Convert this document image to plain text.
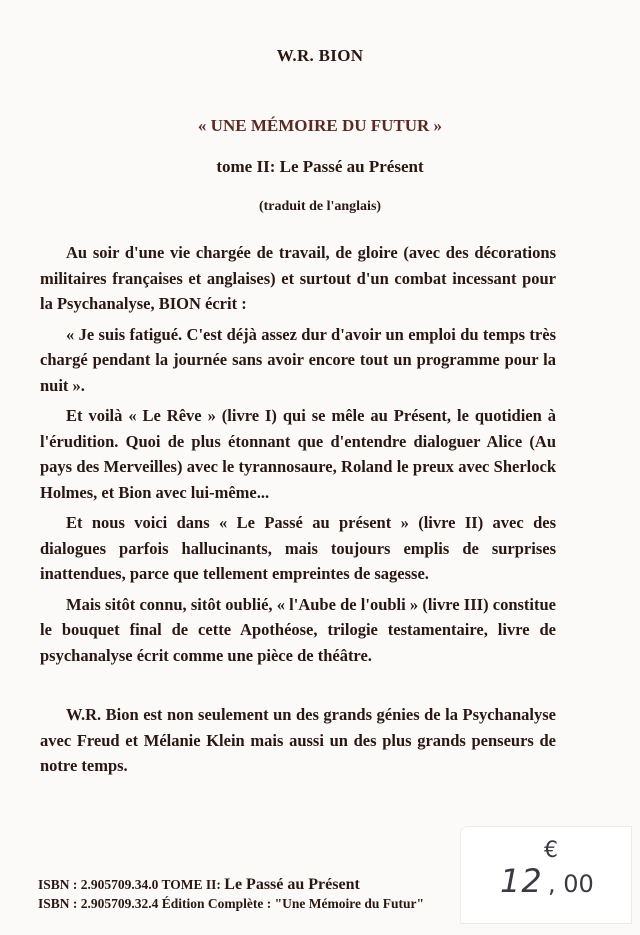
W.R. BION
« UNE MÉMOIRE DU FUTUR »
tome II: Le Passé au Présent
(traduit de l'anglais)

Au soir d'une vie chargée de travail, de gloire (avec des décorations militaires françaises et anglaises) et surtout d'un combat incessant pour la Psychanalyse, BION écrit :

« Je suis fatigué. C'est déjà assez dur d'avoir un emploi du temps très chargé pendant la journée sans avoir encore tout un programme pour la nuit ».

Et voilà « Le Rêve » (livre I) qui se mêle au Présent, le quotidien à l'érudition. Quoi de plus étonnant que d'entendre dialoguer Alice (Au pays des Merveilles) avec le tyrannosaure, Roland le preux avec Sherlock Holmes, et Bion avec lui-même...

Et nous voici dans « Le Passé au présent » (livre II) avec des dialogues parfois hallucinants, mais toujours emplis de surprises inattendues, parce que tellement empreintes de sagesse.

Mais sitôt connu, sitôt oublié, « l'Aube de l'oubli » (livre III) constitue le bouquet final de cette Apothéose, trilogie testamentaire, livre de psychanalyse écrit comme une pièce de théâtre.

W.R. Bion est non seulement un des grands génies de la Psychanalyse avec Freud et Mélanie Klein mais aussi un des plus grands penseurs de notre temps.

€
12 , 00
ISBN : 2.905709.34.0 TOME II: Le Passé au Présent
ISBN : 2.905709.32.4 Édition Complète : "Une Mémoire du Futur"
